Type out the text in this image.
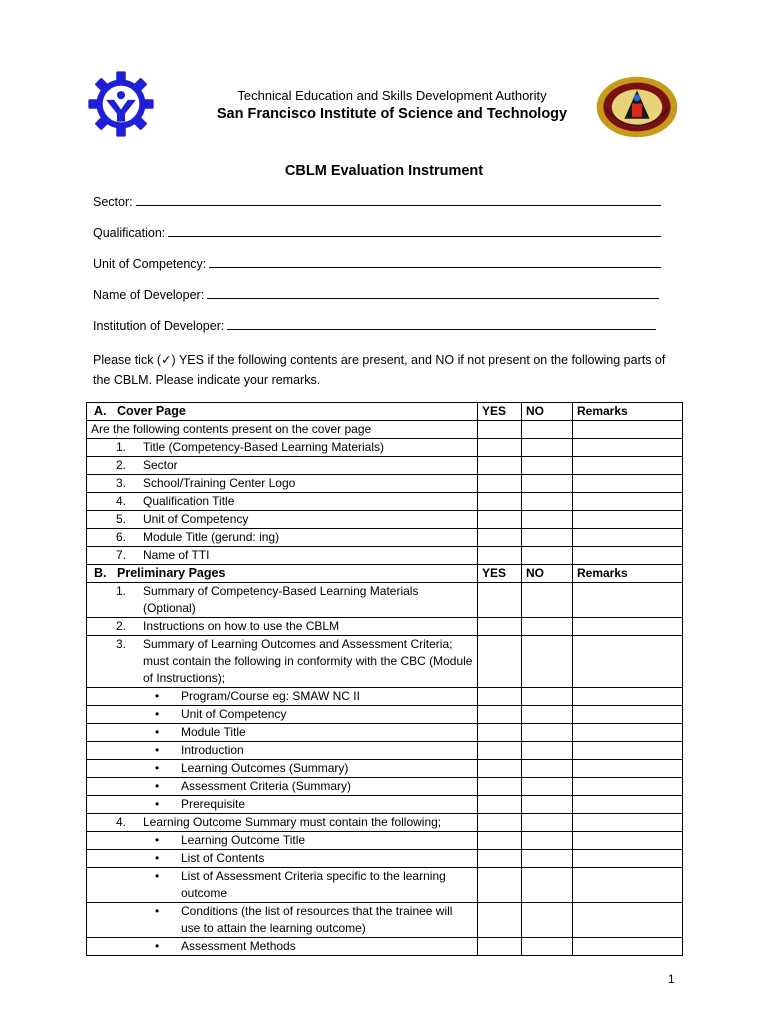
Technical Education and Skills Development Authority
San Francisco Institute of Science and Technology
CBLM Evaluation Instrument
Sector:
Qualification:
Unit of Competency:
Name of Developer:
Institution of Developer:
Please tick (✓) YES if the following contents are present, and NO if not present on the following parts of the CBLM. Please indicate your remarks.
A. Cover Page	YES	NO	Remarks
Are the following contents present on the cover page			

1. Title (Competency-Based Learning Materials)			

2. Sector			

3. School/Training Center Logo			

4. Qualification Title			

5. Unit of Competency			

6. Module Title (gerund: ing)			

7. Name of TTI			

B. Preliminary Pages	YES	NO	Remarks

1. Summary of Competency-Based Learning Materials (Optional)			

2. Instructions on how to use the CBLM			

3. Summary of Learning Outcomes and Assessment Criteria; must contain the following in conformity with the CBC (Module of Instructions);			

• Program/Course eg: SMAW NC II			

• Unit of Competency			

• Module Title			

• Introduction			

• Learning Outcomes (Summary)			

• Assessment Criteria (Summary)			

• Prerequisite			

4. Learning Outcome Summary must contain the following;			

• Learning Outcome Title			

• List of Contents			

• List of Assessment Criteria specific to the learning outcome			

• Conditions (the list of resources that the trainee will use to attain the learning outcome)			

• Assessment Methods			

1
